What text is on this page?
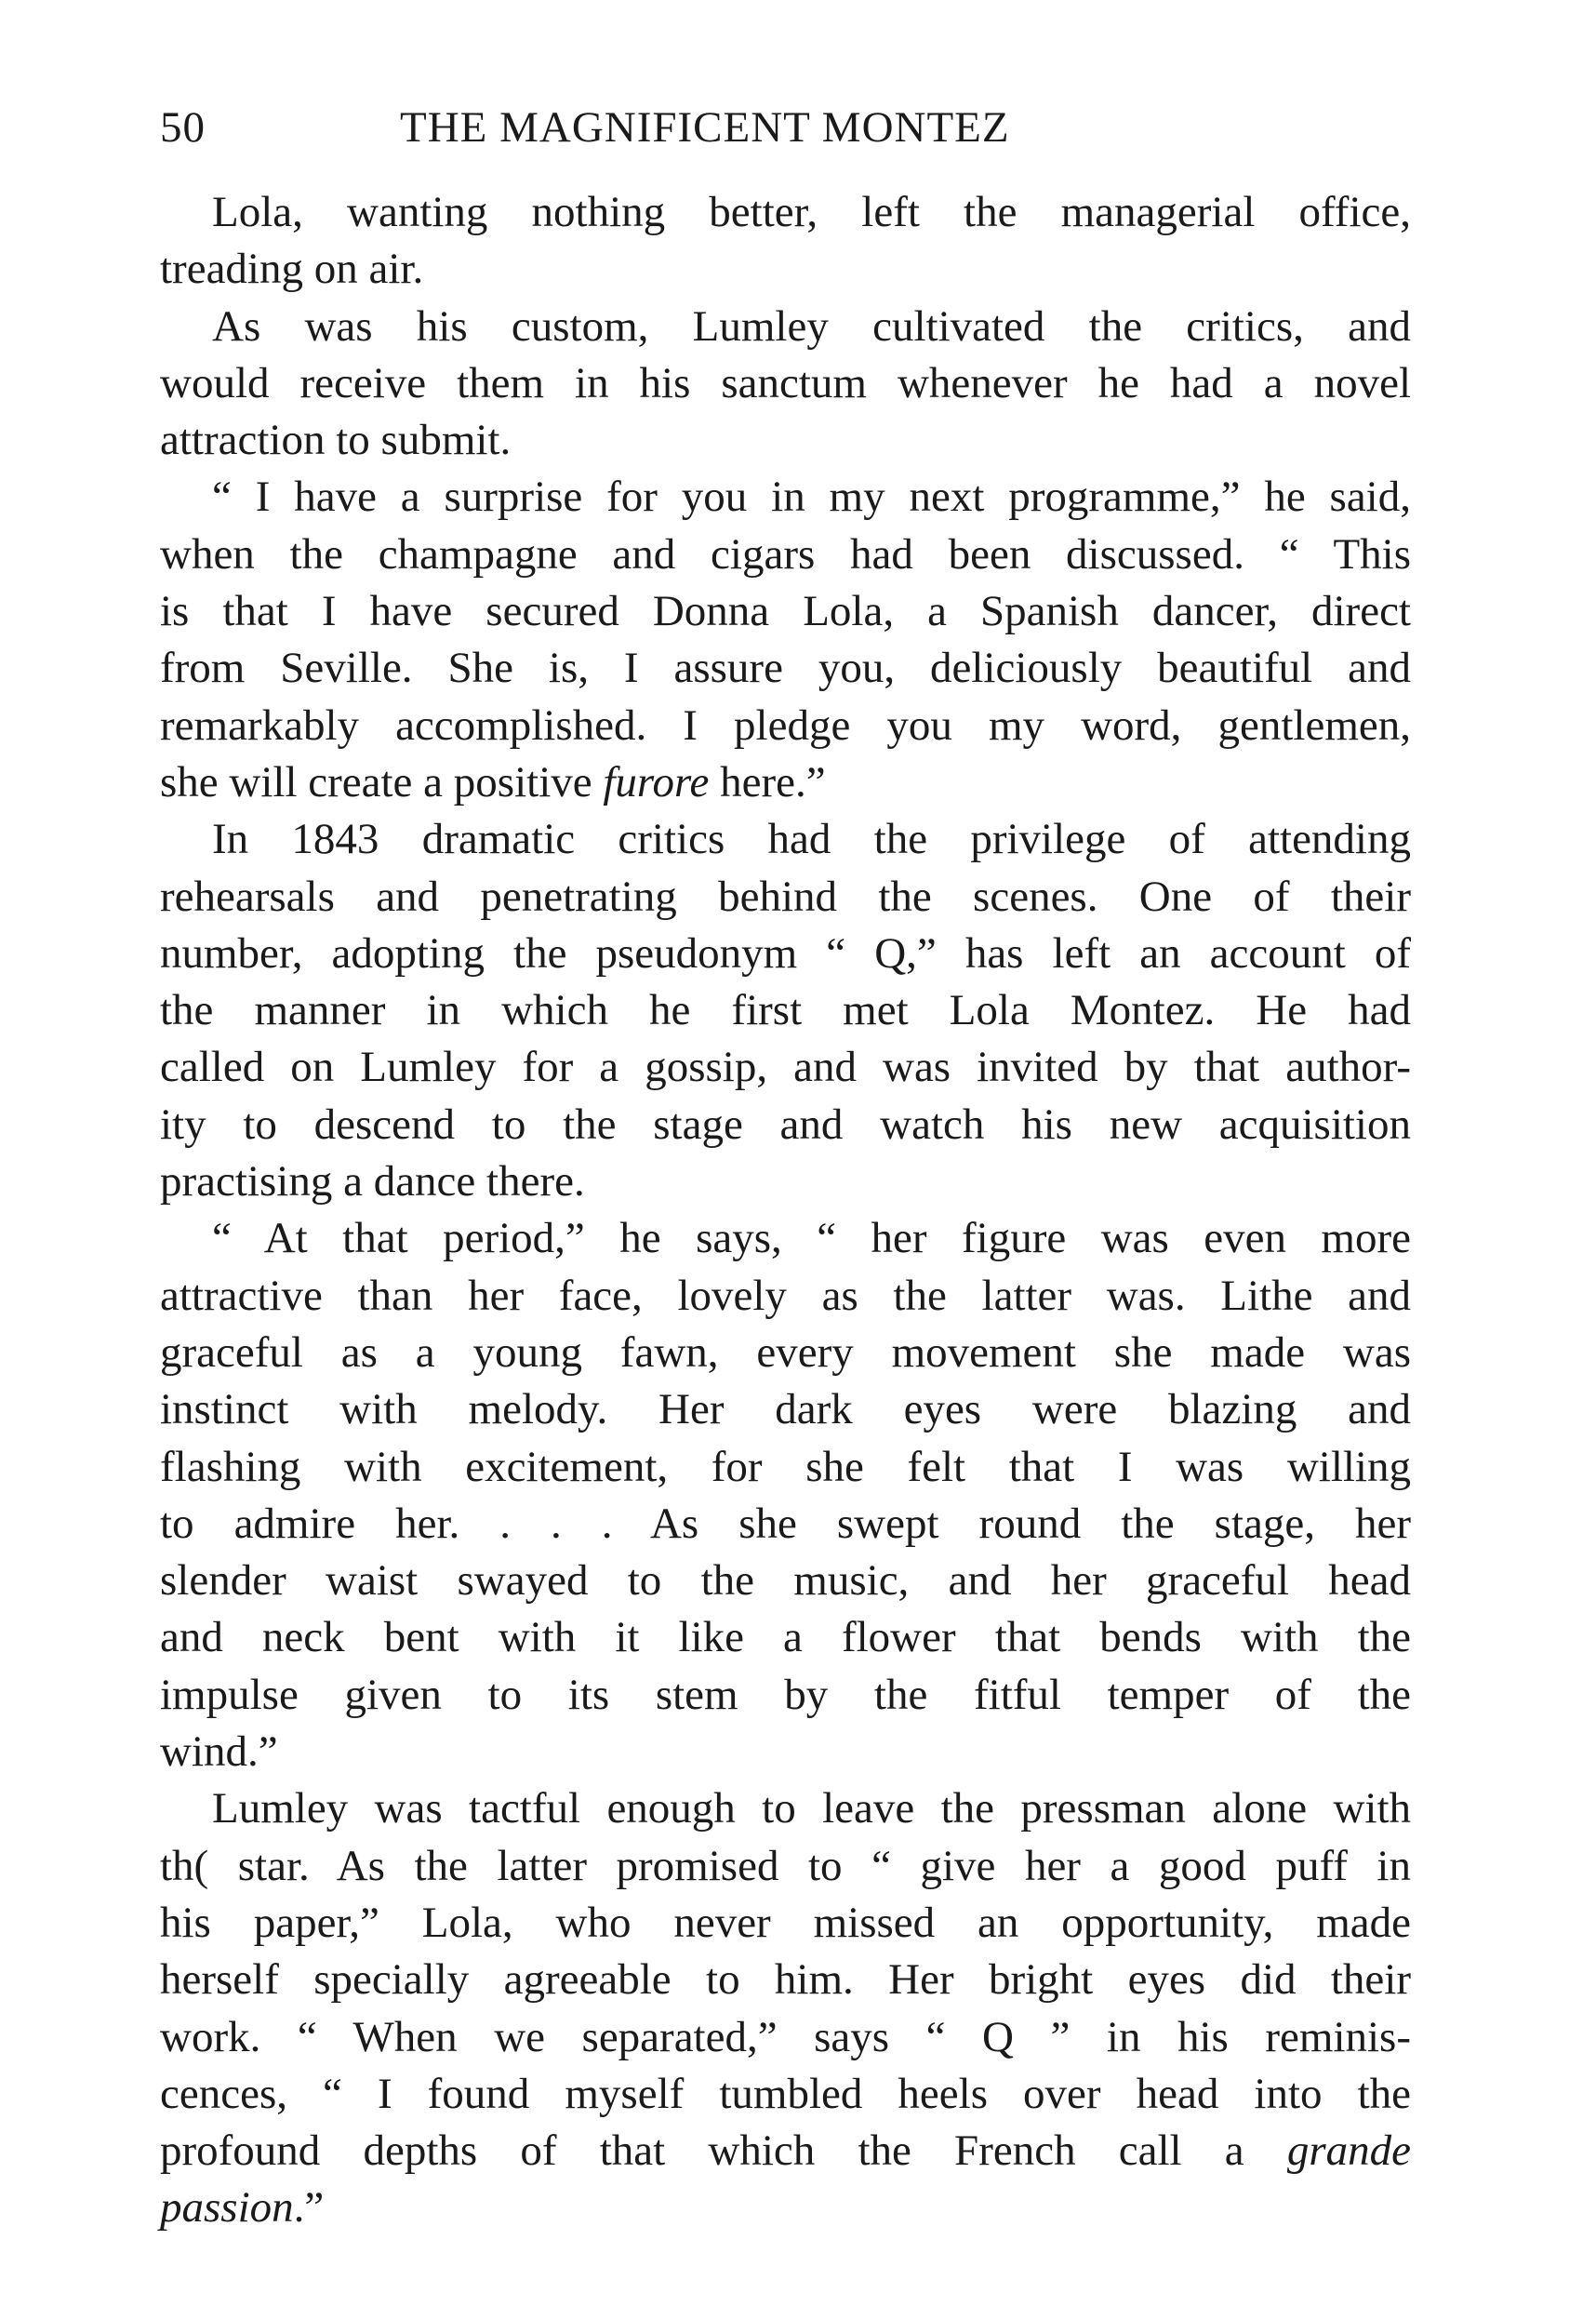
50	THE MAGNIFICENT MONTEZ
Lola, wanting nothing better, left the managerial office,
treading on air.
As was his custom, Lumley cultivated the critics, and
would receive them in his sanctum whenever he had a novel
attraction to submit.
“ I have a surprise for you in my next programme,” he said,
when the champagne and cigars had been discussed. “ This
is that I have secured Donna Lola, a Spanish dancer, direct
from Seville. She is, I assure you, deliciously beautiful and
remarkably accomplished. I pledge you my word, gentlemen,
she will create a positive furore here.”
In 1843 dramatic critics had the privilege of attending
rehearsals and penetrating behind the scenes. One of their
number, adopting the pseudonym “ Q,” has left an account of
the manner in which he first met Lola Montez. He had
called on Lumley for a gossip, and was invited by that author-
ity to descend to the stage and watch his new acquisition
practising a dance there.
“ At that period,” he says, “ her figure was even more
attractive than her face, lovely as the latter was. Lithe and
graceful as a young fawn, every movement she made was
instinct with melody. Her dark eyes were blazing and
flashing with excitement, for she felt that I was willing
to admire her. . . . As she swept round the stage, her
slender waist swayed to the music, and her graceful head
and neck bent with it like a flower that bends with the
impulse given to its stem by the fitful temper of the
wind.”
Lumley was tactful enough to leave the pressman alone with
th( star. As the latter promised to “ give her a good puff in
his paper,” Lola, who never missed an opportunity, made
herself specially agreeable to him. Her bright eyes did their
work. “ When we separated,” says “ Q ” in his reminis-
cences, “ I found myself tumbled heels over head into the
profound depths of that which the French call a grande
passion.”
